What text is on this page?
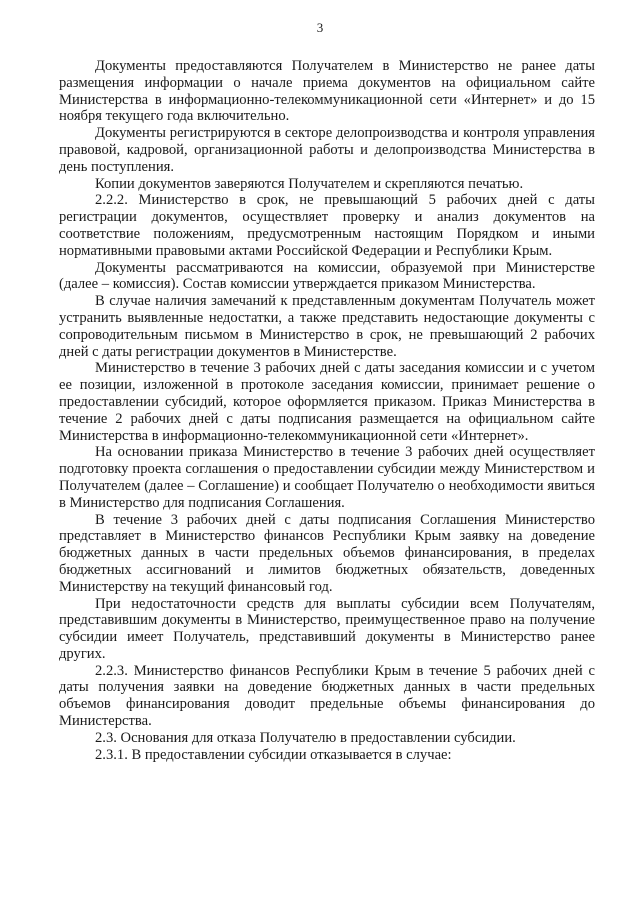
3

Документы предоставляются Получателем в Министерство не ранее даты размещения информации о начале приема документов на официальном сайте Министерства в информационно-телекоммуникационной сети «Интернет» и до 15 ноября текущего года включительно.

Документы регистрируются в секторе делопроизводства и контроля управления правовой, кадровой, организационной работы и делопроизводства Министерства в день поступления.

Копии документов заверяются Получателем и скрепляются печатью.

2.2.2. Министерство в срок, не превышающий 5 рабочих дней с даты регистрации документов, осуществляет проверку и анализ документов на соответствие положениям, предусмотренным настоящим Порядком и иными нормативными правовыми актами Российской Федерации и Республики Крым.

Документы рассматриваются на комиссии, образуемой при Министерстве (далее – комиссия). Состав комиссии утверждается приказом Министерства.

В случае наличия замечаний к представленным документам Получатель может устранить выявленные недостатки, а также представить недостающие документы с сопроводительным письмом в Министерство в срок, не превышающий 2 рабочих дней с даты регистрации документов в Министерстве.

Министерство в течение 3 рабочих дней с даты заседания комиссии и с учетом ее позиции, изложенной в протоколе заседания комиссии, принимает решение о предоставлении субсидий, которое оформляется приказом. Приказ Министерства в течение 2 рабочих дней с даты подписания размещается на официальном сайте Министерства в информационно-телекоммуникационной сети «Интернет».

На основании приказа Министерство в течение 3 рабочих дней осуществляет подготовку проекта соглашения о предоставлении субсидии между Министерством и Получателем (далее – Соглашение) и сообщает Получателю о необходимости явиться в Министерство для подписания Соглашения.

В течение 3 рабочих дней с даты подписания Соглашения Министерство представляет в Министерство финансов Республики Крым заявку на доведение бюджетных данных в части предельных объемов финансирования, в пределах бюджетных ассигнований и лимитов бюджетных обязательств, доведенных Министерству на текущий финансовый год.

При недостаточности средств для выплаты субсидии всем Получателям, представившим документы в Министерство, преимущественное право на получение субсидии имеет Получатель, представивший документы в Министерство ранее других.

2.2.3. Министерство финансов Республики Крым в течение 5 рабочих дней с даты получения заявки на доведение бюджетных данных в части предельных объемов финансирования доводит предельные объемы финансирования до Министерства.

2.3. Основания для отказа Получателю в предоставлении субсидии.

2.3.1. В предоставлении субсидии отказывается в случае:
